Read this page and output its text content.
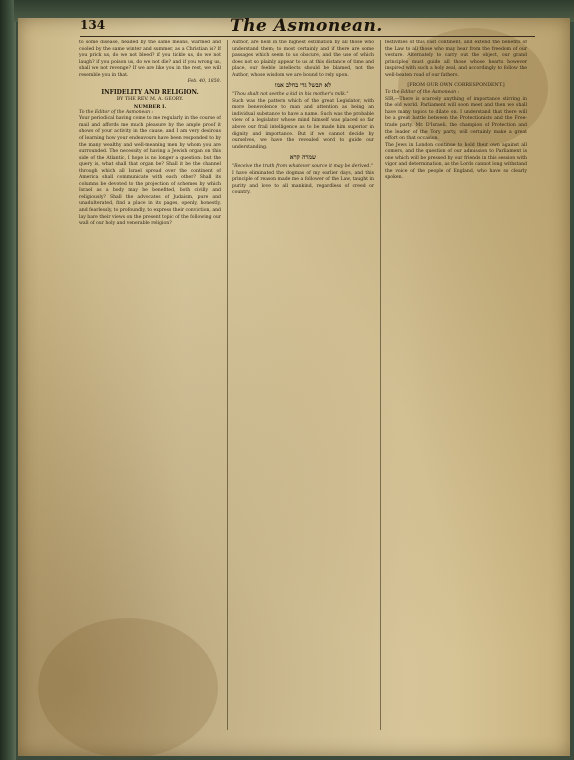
134	The Asmonean.

to some disease, headed by the same means, warmed and cooled by the same winter and summer, as a Christian is? If you prick us, do we not bleed? if you tickle us, do we not laugh? if you poison us, do we not die? and if you wrong us, shall we not revenge? If we are like you in the rest, we will resemble you in that.

Feb. 40, 1850.

INFIDELITY AND RELIGION.
BY THE REV. M. A. GEORY.
NUMBER I.

To the Editor of the Asmonean :

Your periodical having come to me regularly in the course of mail and affords me much pleasure by the ample proof it shows of your activity in the cause, and I am very desirous of learning how your endeavours have been responded to by the many wealthy and well-meaning men by whom you are surrounded. The necessity of having a Jewish organ on this side of the Atlantic, I hope is no longer a question: but the query is, what shall that organ be? Shall it be the channel through which all Israel spread over the continent of America shall communicate with each other? Shall its columns be devoted to the projection of schemes by which Israel as a body may be benefited, both civilly and religiously? Shall the advocates of Judaism, pure and unadulterated, find a place in its pages, openly, honestly, and fearlessly, to profoundly, to express their conviction, and lay bare their views on the present topic of the following our wall of our holy and venerable religion?

Author, are held in the highest estimation by all those who understand them; to most certainly and if there are some passages which seem to us obscure, and the use of which does not so plainly appear to us at this distance of time and place, our feeble intellects should be blamed, not the Author, whose wisdom we are bound to rely upon.

לא תבשל גדי בחלב אמו

"Thou shalt not seethe a kid in his mother's milk."

Such was the pattern which of the great Legislator, with more benevolence to man and attention as being an individual substance to have a name. Such was the probable view of a legislator whose mind himself was placed so far above our frail intelligence as to be made him superior in dignity and importance. But if we cannot decide by ourselves, we have the revealed word to guide our understanding.

שמרה קרא

"Receive the truth from whatever source it may be derived."

I have eliminated the dogmas of my earlier days, and this principle of reason made me a follower of the Law, taught in purity and love to all mankind, regardless of creed or country.

festivities of this vast continent, and extend the benefits of the Law to all those who may hear from the freedom of our vesture. Alternately to carry out the object, our grand principles must guide all those whose hearts however inspired with such a holy zeal, and accordingly to follow the well-beaten road of our fathers.

[FROM OUR OWN CORRESPONDENT.]

To the Editor of the Asmonean :

SIR,—There is scarcely anything of importance stirring in the old world. Parliament will soon meet and then we shall have many topics to dilate on. I understand that there will be a great battle between the Protectionists and the Free-trade party. Mr. D'Israeli, the champion of Protection and the leader of the Tory party, will certainly make a great effort on that occasion.

The Jews in London continue to hold their own against all comers, and the question of our admission to Parliament is one which will be pressed by our friends in this session with vigor and determination, as the Lords cannot long withstand the voice of the people of England, who have so clearly spoken.
